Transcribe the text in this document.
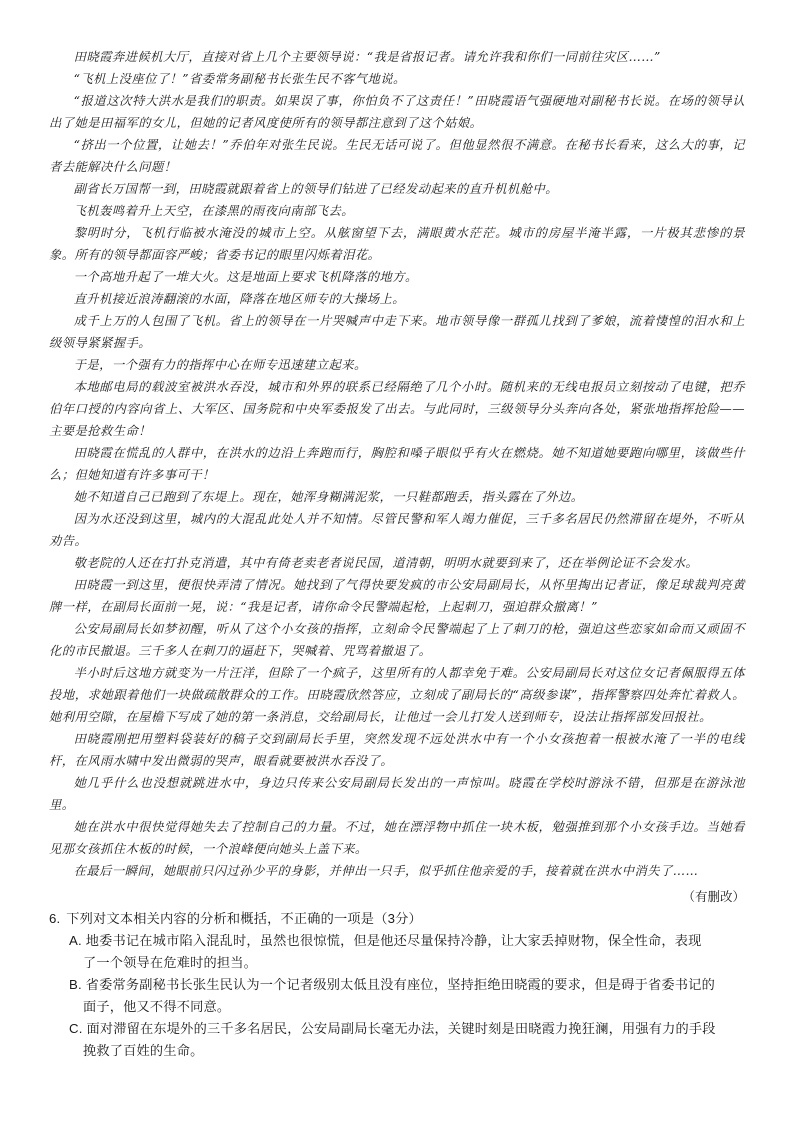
田晓霞奔进候机大厅，直接对省上几个主要领导说：“我是省报记者。请允许我和你们一同前往灾区……”

“飞机上没座位了！”省委常务副秘书长张生民不客气地说。

“报道这次特大洪水是我们的职责。如果误了事，你怕负不了这责任！”田晓霞语气强硬地对副秘书长说。在场的领导认出了她是田福军的女儿，但她的记者风度使所有的领导都注意到了这个姑娘。

“挤出一个位置，让她去！”乔伯年对张生民说。生民无话可说了。但他显然很不满意。在秘书长看来，这么大的事，记者去能解决什么问题！

副省长万国帮一到，田晓霞就跟着省上的领导们钻进了已经发动起来的直升机机舱中。

飞机轰鸣着升上天空，在漆黑的雨夜向南部飞去。

黎明时分，飞机行临被水淹没的城市上空。从舷窗望下去，满眼黄水茫茫。城市的房屋半淹半露，一片极其悲惨的景象。所有的领导都面容严峻；省委书记的眼里闪烁着泪花。

一个高地升起了一堆大火。这是地面上要求飞机降落的地方。

直升机接近浪涛翻滚的水面，降落在地区师专的大操场上。

成千上万的人包围了飞机。省上的领导在一片哭喊声中走下来。地市领导像一群孤儿找到了爹娘，流着悽惶的泪水和上级领导紧紧握手。

于是，一个强有力的指挥中心在师专迅速建立起来。

本地邮电局的载波室被洪水吞没，城市和外界的联系已经隔绝了几个小时。随机来的无线电报员立刻按动了电键，把乔伯年口授的内容向省上、大军区、国务院和中央军委报发了出去。与此同时，三级领导分头奔向各处，紧张地指挥抢险——主要是抢救生命！

田晓霞在慌乱的人群中，在洪水的边沿上奔跑而行，胸腔和嗓子眼似乎有火在燃烧。她不知道她要跑向哪里，该做些什么；但她知道有许多事可干！

她不知道自己已跑到了东堤上。现在，她浑身糊满泥浆，一只鞋都跑丢，指头露在了外边。

因为水还没到这里，城内的大混乱此处人并不知情。尽管民警和军人竭力催促，三千多名居民仍然滞留在堤外，不听从劝告。

敬老院的人还在打扑克消遣，其中有倚老卖老者说民国，道清朝，明明水就要到来了，还在举例论证不会发水。

田晓霞一到这里，便很快弄清了情况。她找到了气得快要发疯的市公安局副局长，从怀里掏出记者证，像足球裁判亮黄牌一样，在副局长面前一晃，说：“我是记者，请你命令民警端起枪，上起刺刀，强迫群众撤离！”

公安局副局长如梦初醒，听从了这个小女孩的指挥，立刻命令民警端起了上了刺刀的枪，强迫这些恋家如命而又顽固不化的市民撤退。三千多人在刺刀的逼赶下，哭喊着、咒骂着撤退了。

半小时后这地方就变为一片汪洋，但除了一个疯子，这里所有的人都幸免于难。公安局副局长对这位女记者佩服得五体投地，求她跟着他们一块做疏散群众的工作。田晓霞欣然答应，立刻成了副局长的“高级参谋”，指挥警察四处奔忙着救人。她利用空隙，在屋檐下写成了她的第一条消息，交给副局长，让他过一会儿打发人送到师专，设法让指挥部发回报社。

田晓霞刚把用塑料袋装好的稿子交到副局长手里，突然发现不远处洪水中有一个小女孩抱着一根被水淹了一半的电线杆，在风雨水啸中发出微弱的哭声，眼看就要被洪水吞没了。

她几乎什么也没想就跳进水中，身边只传来公安局副局长发出的一声惊叫。晓霞在学校时游泳不错，但那是在游泳池里。

她在洪水中很快觉得她失去了控制自己的力量。不过，她在漂浮物中抓住一块木板，勉强推到那个小女孩手边。当她看见那女孩抓住木板的时候，一个浪峰便向她头上盖下来。

在最后一瞬间，她眼前只闪过孙少平的身影，并伸出一只手，似乎抓住他亲爱的手，接着就在洪水中消失了……

（有删改）

6. 下列对文本相关内容的分析和概括，不正确的一项是（3分）

A. 地委书记在城市陷入混乱时，虽然也很惊慌，但是他还尽量保持冷静，让大家丢掉财物，保全性命，表现
了一个领导在危难时的担当。

B. 省委常务副秘书长张生民认为一个记者级别太低且没有座位，坚持拒绝田晓霞的要求，但是碍于省委书记的
面子，他又不得不同意。

C. 面对滞留在东堤外的三千多名居民，公安局副局长毫无办法，关键时刻是田晓霞力挽狂澜，用强有力的手段
挽救了百姓的生命。
